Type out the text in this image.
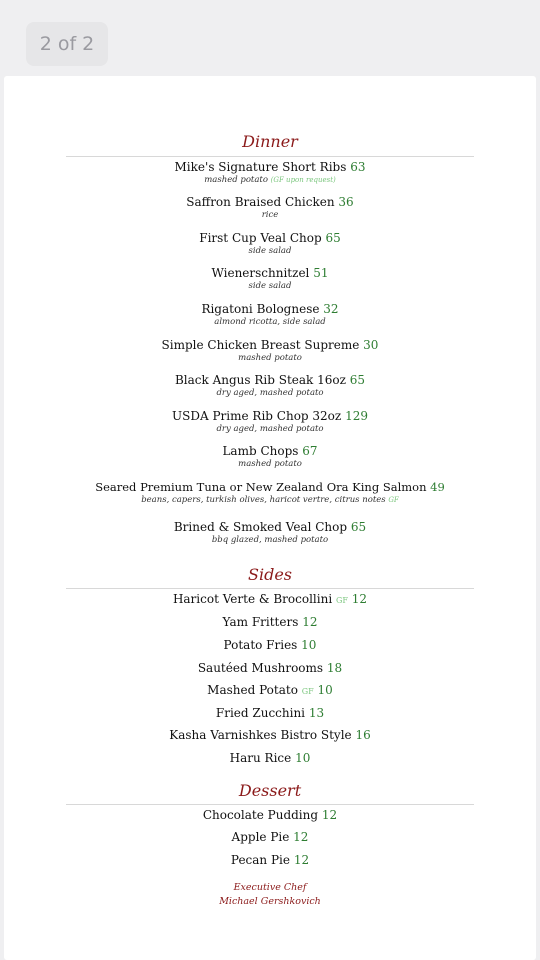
2 of 2
Dinner
Mike's Signature Short Ribs 63
mashed potato (GF upon request)
Saffron Braised Chicken 36
rice
First Cup Veal Chop 65
side salad
Wienerschnitzel 51
side salad
Rigatoni Bolognese 32
almond ricotta, side salad
Simple Chicken Breast Supreme 30
mashed potato
Black Angus Rib Steak 16oz 65
dry aged, mashed potato
USDA Prime Rib Chop 32oz 129
dry aged, mashed potato
Lamb Chops 67
mashed potato
Seared Premium Tuna or New Zealand Ora King Salmon 49
beans, capers, turkish olives, haricot vertre, citrus notes GF
Brined & Smoked Veal Chop 65
bbq glazed, mashed potato
Sides
Haricot Verte & Brocollini GF 12
Yam Fritters 12
Potato Fries 10
Sautéed Mushrooms 18
Mashed Potato GF 10
Fried Zucchini 13
Kasha Varnishkes Bistro Style 16
Haru Rice 10
Dessert
Chocolate Pudding 12
Apple Pie 12
Pecan Pie 12
Executive Chef
Michael Gershkovich
